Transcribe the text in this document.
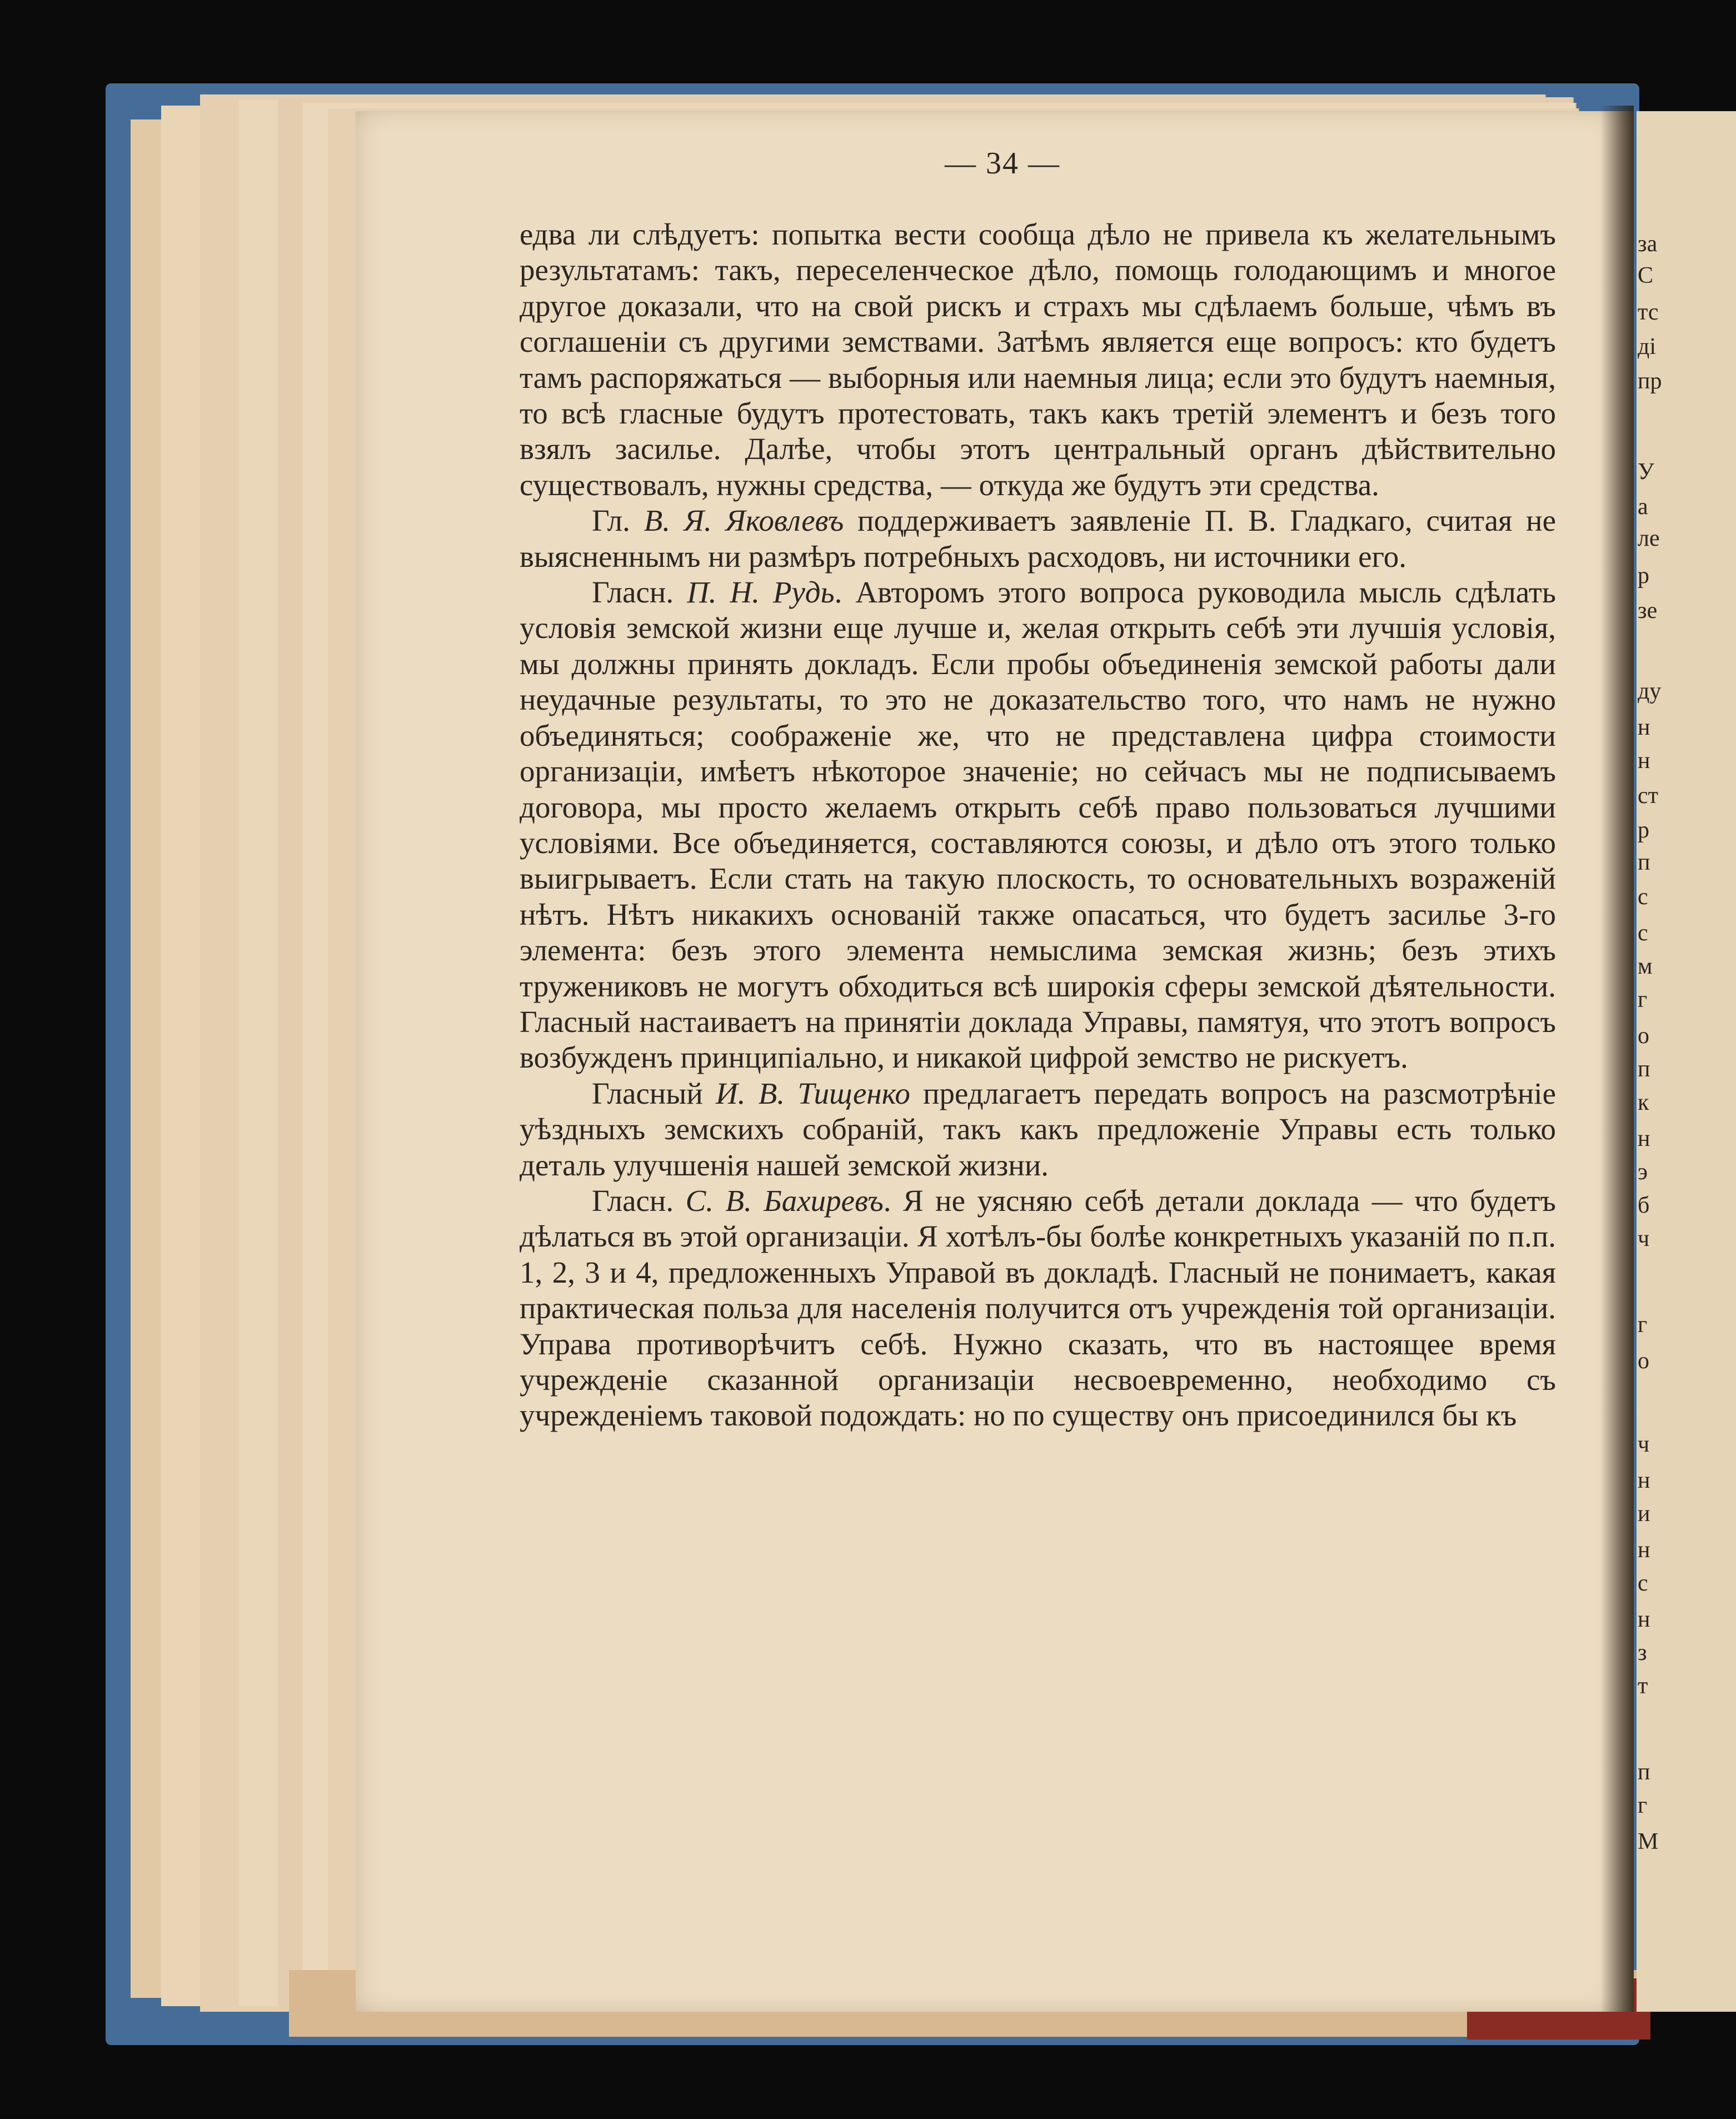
— 34 —

едва ли слѣдуетъ: попытка вести сообща дѣло не привела къ желательнымъ результатамъ: такъ, переселенческое дѣло, помощь голодающимъ и многое другое доказали, что на свой рискъ и страхъ мы сдѣлаемъ больше, чѣмъ въ соглашеніи съ другими земствами. Затѣмъ является еще вопросъ: кто будетъ тамъ распоряжаться — выборныя или наемныя лица; если это будутъ наемныя, то всѣ гласные будутъ протестовать, такъ какъ третій элементъ и безъ того взялъ засилье. Далѣе, чтобы этотъ центральный органъ дѣйствительно существовалъ, нужны средства, — откуда же будутъ эти средства.

Гл. В. Я. Яковлевъ поддерживаетъ заявленіе П. В. Гладкаго, считая не выясненнымъ ни размѣръ потребныхъ расходовъ, ни источники его.

Гласн. П. Н. Рудь. Авторомъ этого вопроса руководила мысль сдѣлать условія земской жизни еще лучше и, желая открыть себѣ эти лучшія условія, мы должны принять докладъ. Если пробы объединенія земской работы дали неудачные результаты, то это не доказательство того, что намъ не нужно объединяться; соображеніе же, что не представлена цифра стоимости организаціи, имѣетъ нѣкоторое значеніе; но сейчасъ мы не подписываемъ договора, мы просто желаемъ открыть себѣ право пользоваться лучшими условіями. Все объединяется, составляются союзы, и дѣло отъ этого только выигрываетъ. Если стать на такую плоскость, то основательныхъ возраженій нѣтъ. Нѣтъ никакихъ основаній также опасаться, что будетъ засилье 3-го элемента: безъ этого элемента немыслима земская жизнь; безъ этихъ тружениковъ не могутъ обходиться всѣ широкія сферы земской дѣятельности. Гласный настаиваетъ на принятіи доклада Управы, памятуя, что этотъ вопросъ возбужденъ принципіально, и никакой цифрой земство не рискуетъ.

Гласный И. В. Тищенко предлагаетъ передать вопросъ на разсмотрѣніе уѣздныхъ земскихъ собраній, такъ какъ предложеніе Управы есть только деталь улучшенія нашей земской жизни.

Гласн. С. В. Бахиревъ. Я не уясняю себѣ детали доклада — что будетъ дѣлаться въ этой организаціи. Я хотѣлъ-бы болѣе конкретныхъ указаній по п.п. 1, 2, 3 и 4, предложенныхъ Управой въ докладѣ. Гласный не понимаетъ, какая практическая польза для населенія получится отъ учрежденія той организаціи. Управа противорѣчитъ себѣ. Нужно сказать, что въ настоящее время учрежденіе сказанной организаціи несвоевременно, необходимо съ учрежденіемъ таковой подождать: но по существу онъ присоединился бы къ

за
С
тс
ді
пр
У
а
ле
р
зе
ду
н
н
ст
р
п
с
с
м
г
о
п
к
н
э
б
ч
г
о
ч
н
и
н
с
н
з
т
п
г
М
